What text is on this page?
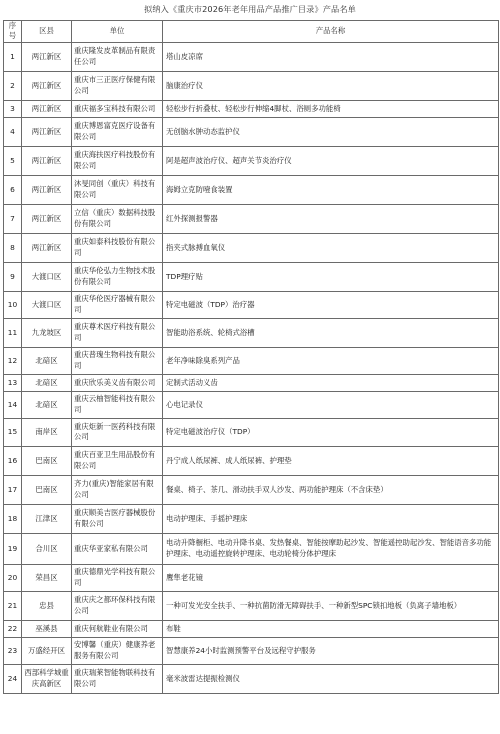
拟纳入《重庆市2026年老年用品产品推广目录》产品名单
序号	区县	单位	产品名称
1	两江新区	重庆隆发皮革制品有限责任公司	塔山皮凉席
2	两江新区	重庆市三正医疗保健有限公司	脑康治疗仪
3	两江新区	重庆福多宝科技有限公司	轻松步行折叠杖、轻松步行伸缩4脚杖、浴厕多功能椅
4	两江新区	重庆博恩富克医疗设备有限公司	无创脑水肿动态监护仪
5	两江新区	重庆海扶医疗科技股份有限公司	阿是超声波治疗仪、超声关节炎治疗仪
6	两江新区	沐旻同创（重庆）科技有限公司	海姆立克防噎食装置
7	两江新区	立信（重庆）数据科技股份有限公司	红外探测报警器
8	两江新区	重庆如泰科技股份有限公司	指夹式脉搏血氧仪
9	大渡口区	重庆华伦弘力生物技术股份有限公司	TDP理疗贴
10	大渡口区	重庆华伦医疗器械有限公司	特定电磁波（TDP）治疗器
11	九龙坡区	重庆尊术医疗科技有限公司	智能助浴系统、轮椅式浴槽
12	北碚区	重庆普瑰生物科技有限公司	老年净味除臭系列产品
13	北碚区	重庆欣乐美义齿有限公司	定制式活动义齿
14	北碚区	重庆云柚智能科技有限公司	心电记录仪
15	南岸区	重庆炬新一医药科技有限公司	特定电磁波治疗仪（TDP）
16	巴南区	重庆百亚卫生用品股份有限公司	丹宁成人纸尿裤、成人纸尿裤、护理垫
17	巴南区	齐力(重庆)智能家居有限公司	餐桌、椅子、茶几、滑动扶手双人沙发、两功能护理床（不含床垫）
18	江津区	重庆顺美吉医疗器械股份有限公司	电动护理床、手摇护理床
19	合川区	重庆华亚家私有限公司	电动升降橱柜、电动升降书桌、发热餐桌、智能按摩助起沙发、智能遥控助起沙发、智能语音多功能护理床、电动遥控旋转护理床、电动轮椅分体护理床
20	荣昌区	重庆德鼎光学科技有限公司	鹰隼老花镜
21	忠县	重庆庆之都环保科技有限公司	一种可发光安全扶手、一种抗菌防滑无障碍扶手、一种新型SPC锁扣地板（负离子墙地板）
22	巫溪县	重庆何航鞋业有限公司	布鞋
23	万盛经开区	安博馨（重庆）健康养老服务有限公司	智慧康养24小时监测预警平台及远程守护服务
24	西部科学城重庆高新区	重庆瑞莱智能物联科技有限公司	毫米波雷达提振检测仪
